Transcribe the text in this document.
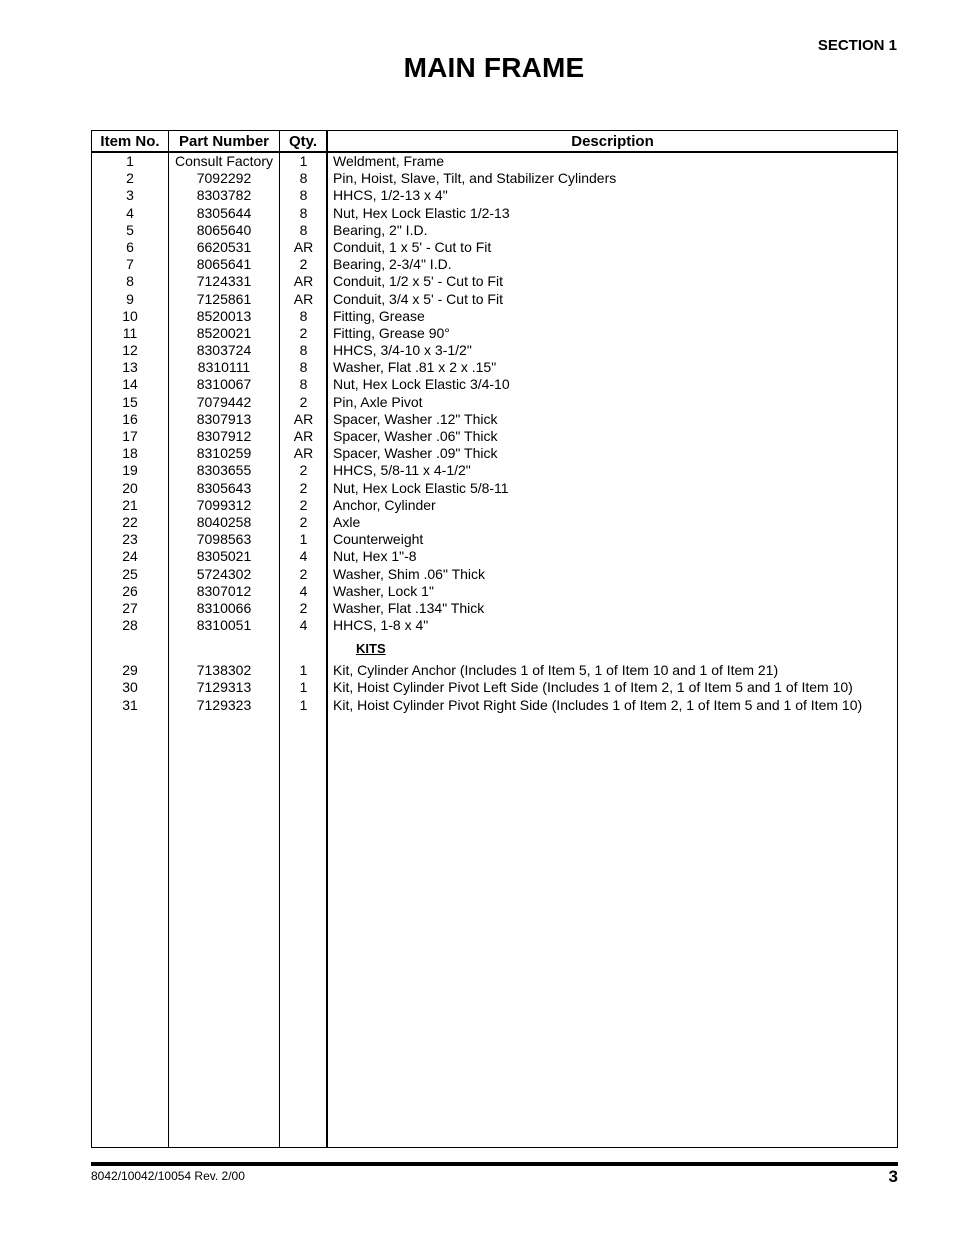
SECTION 1
MAIN FRAME
Item No.	Part Number	Qty.	Description
1	Consult Factory	1	Weldment, Frame
2	7092292	8	Pin, Hoist, Slave, Tilt, and Stabilizer Cylinders
3	8303782	8	HHCS, 1/2-13 x 4"
4	8305644	8	Nut, Hex Lock Elastic 1/2-13
5	8065640	8	Bearing, 2" I.D.
6	6620531	AR	Conduit, 1 x 5' - Cut to Fit
7	8065641	2	Bearing, 2-3/4" I.D.
8	7124331	AR	Conduit, 1/2 x 5' - Cut to Fit
9	7125861	AR	Conduit, 3/4 x 5' - Cut to Fit
10	8520013	8	Fitting, Grease
11	8520021	2	Fitting, Grease 90°
12	8303724	8	HHCS, 3/4-10 x 3-1/2"
13	8310111	8	Washer, Flat .81 x 2 x .15"
14	8310067	8	Nut, Hex Lock Elastic 3/4-10
15	7079442	2	Pin, Axle Pivot
16	8307913	AR	Spacer, Washer .12" Thick
17	8307912	AR	Spacer, Washer .06" Thick
18	8310259	AR	Spacer, Washer .09" Thick
19	8303655	2	HHCS, 5/8-11 x 4-1/2"
20	8305643	2	Nut, Hex Lock Elastic 5/8-11
21	7099312	2	Anchor, Cylinder
22	8040258	2	Axle
23	7098563	1	Counterweight
24	8305021	4	Nut, Hex 1"-8
25	5724302	2	Washer, Shim .06" Thick
26	8307012	4	Washer, Lock 1"
27	8310066	2	Washer, Flat .134" Thick
28	8310051	4	HHCS, 1-8 x 4"
KITS
29	7138302	1	Kit, Cylinder Anchor (Includes 1 of Item 5, 1 of Item 10 and 1 of Item 21)
30	7129313	1	Kit, Hoist Cylinder Pivot Left Side (Includes 1 of Item 2, 1 of Item 5 and 1 of Item 10)
31	7129323	1	Kit, Hoist Cylinder Pivot Right Side (Includes 1 of Item 2, 1 of Item 5 and 1 of Item 10)
8042/10042/10054 Rev. 2/00	3
